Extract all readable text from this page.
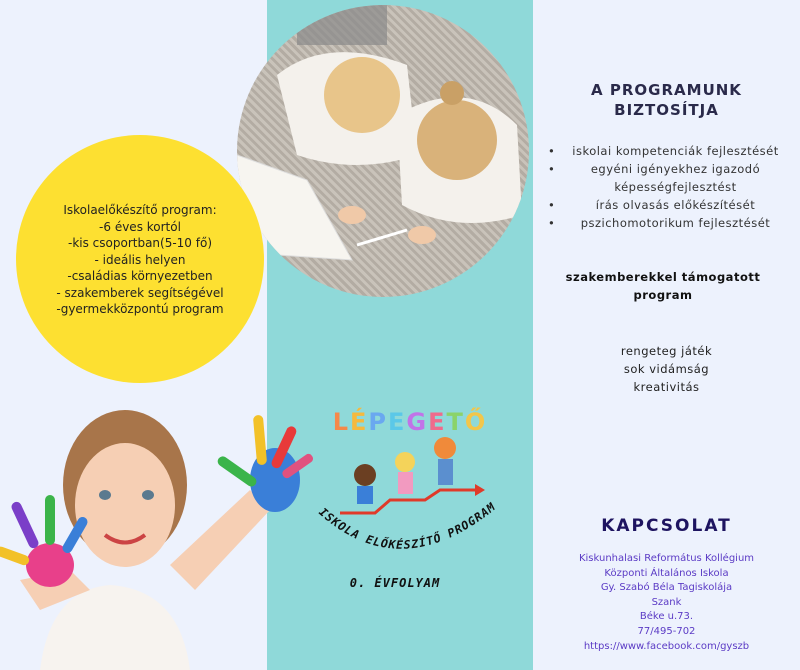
Iskolaelőkészítő program:
-6 éves kortól
-kis csoportban(5-10 fő)
- ideális helyen
-családias környezetben
- szakemberek segítségével
-gyermekközpontú program
LÉPEGETŐ
ISKOLA ELŐKÉSZÍTŐ PROGRAM
0. ÉVFOLYAM
A PROGRAMUNK
BIZTOSÍTJA
• iskolai kompetenciák fejlesztését
• egyéni igényekhez igazodó képességfejlesztést
• írás olvasás előkészítését
• pszichomotorikum fejlesztését
szakemberekkel támogatott program
rengeteg játék
sok vidámság
kreativitás
KAPCSOLAT
Kiskunhalasi Református Kollégium
Központi Általános Iskola
Gy. Szabó Béla Tagiskolája
Szank
Béke u.73.
77/495-702
https://www.facebook.com/gyszb
